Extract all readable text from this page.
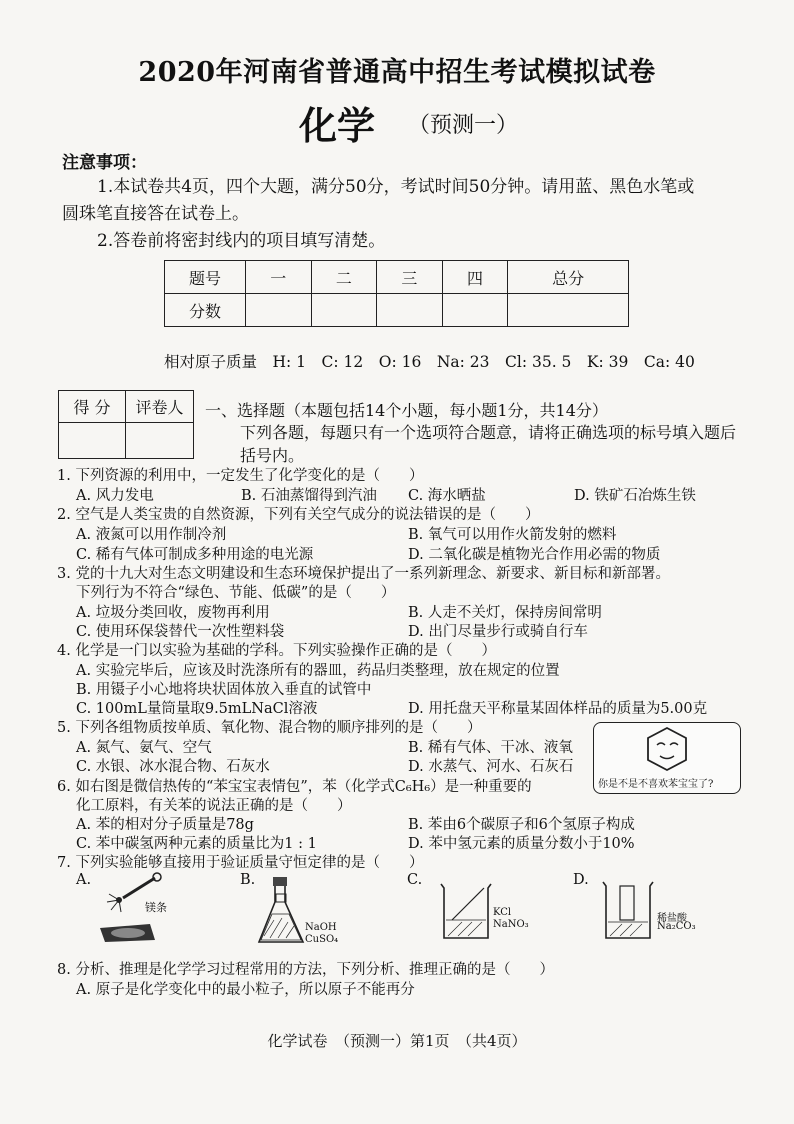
2020年河南省普通高中招生考试模拟试卷
化学 （预测一）
注意事项：
1.本试卷共4页，四个大题，满分50分，考试时间50分钟。请用蓝、黑色水笔或
圆珠笔直接答在试卷上。
2.答卷前将密封线内的项目填写清楚。
题号	一	二	三	四	总分
分数					
相对原子质量　H: 1　C: 12　O: 16　Na: 23　Cl: 35. 5　K: 39　Ca: 40
得 分	评卷人
	一、选择题（本题包括14个小题，每小题1分，共14分）
下列各题，每题只有一个选项符合题意，请将正确选项的标号填入题后
括号内。
1. 下列资源的利用中，一定发生了化学变化的是（　　）
A. 风力发电	B. 石油蒸馏得到汽油 C. 海水晒盐	D. 铁矿石冶炼生铁
2. 空气是人类宝贵的自然资源，下列有关空气成分的说法错误的是（　　）
A. 液氮可以用作制冷剂	B. 氧气可以用作火箭发射的燃料
C. 稀有气体可制成多种用途的电光源	D. 二氧化碳是植物光合作用必需的物质
3. 党的十九大对生态文明建设和生态环境保护提出了一系列新理念、新要求、新目标和新部署。
下列行为不符合“绿色、节能、低碳”的是（　　）
A. 垃圾分类回收，废物再利用	B. 人走不关灯，保持房间常明
C. 使用环保袋替代一次性塑料袋	D. 出门尽量步行或骑自行车
4. 化学是一门以实验为基础的学科。下列实验操作正确的是（　　）
A. 实验完毕后，应该及时洗涤所有的器皿，药品归类整理，放在规定的位置
B. 用镊子小心地将块状固体放入垂直的试管中
C. 100mL量筒量取9.5mLNaCl溶液	D. 用托盘天平称量某固体样品的质量为5.00克
5. 下列各组物质按单质、氧化物、混合物的顺序排列的是（　　）
A. 氮气、氨气、空气	B. 稀有气体、干冰、液氧
C. 水银、冰水混合物、石灰水	D. 水蒸气、河水、石灰石
你是不是不喜欢苯宝宝了?
6. 如右图是微信热传的“苯宝宝表情包”，苯（化学式C₆H₆）是一种重要的
化工原料，有关苯的说法正确的是（　　）
A. 苯的相对分子质量是78g	B. 苯由6个碳原子和6个氢原子构成
C. 苯中碳氢两种元素的质量比为1 : 1	D. 苯中氢元素的质量分数小于10%
7. 下列实验能够直接用于验证质量守恒定律的是（　　）
A.	B.	C.	D.
镁条
NaOH
CuSO₄
KCl
NaNO₃
稀盐酸
Na₂CO₃
8. 分析、推理是化学学习过程常用的方法，下列分析、推理正确的是（　　）
A. 原子是化学变化中的最小粒子，所以原子不能再分
化学试卷　（预测一）第1页　（共4页）
